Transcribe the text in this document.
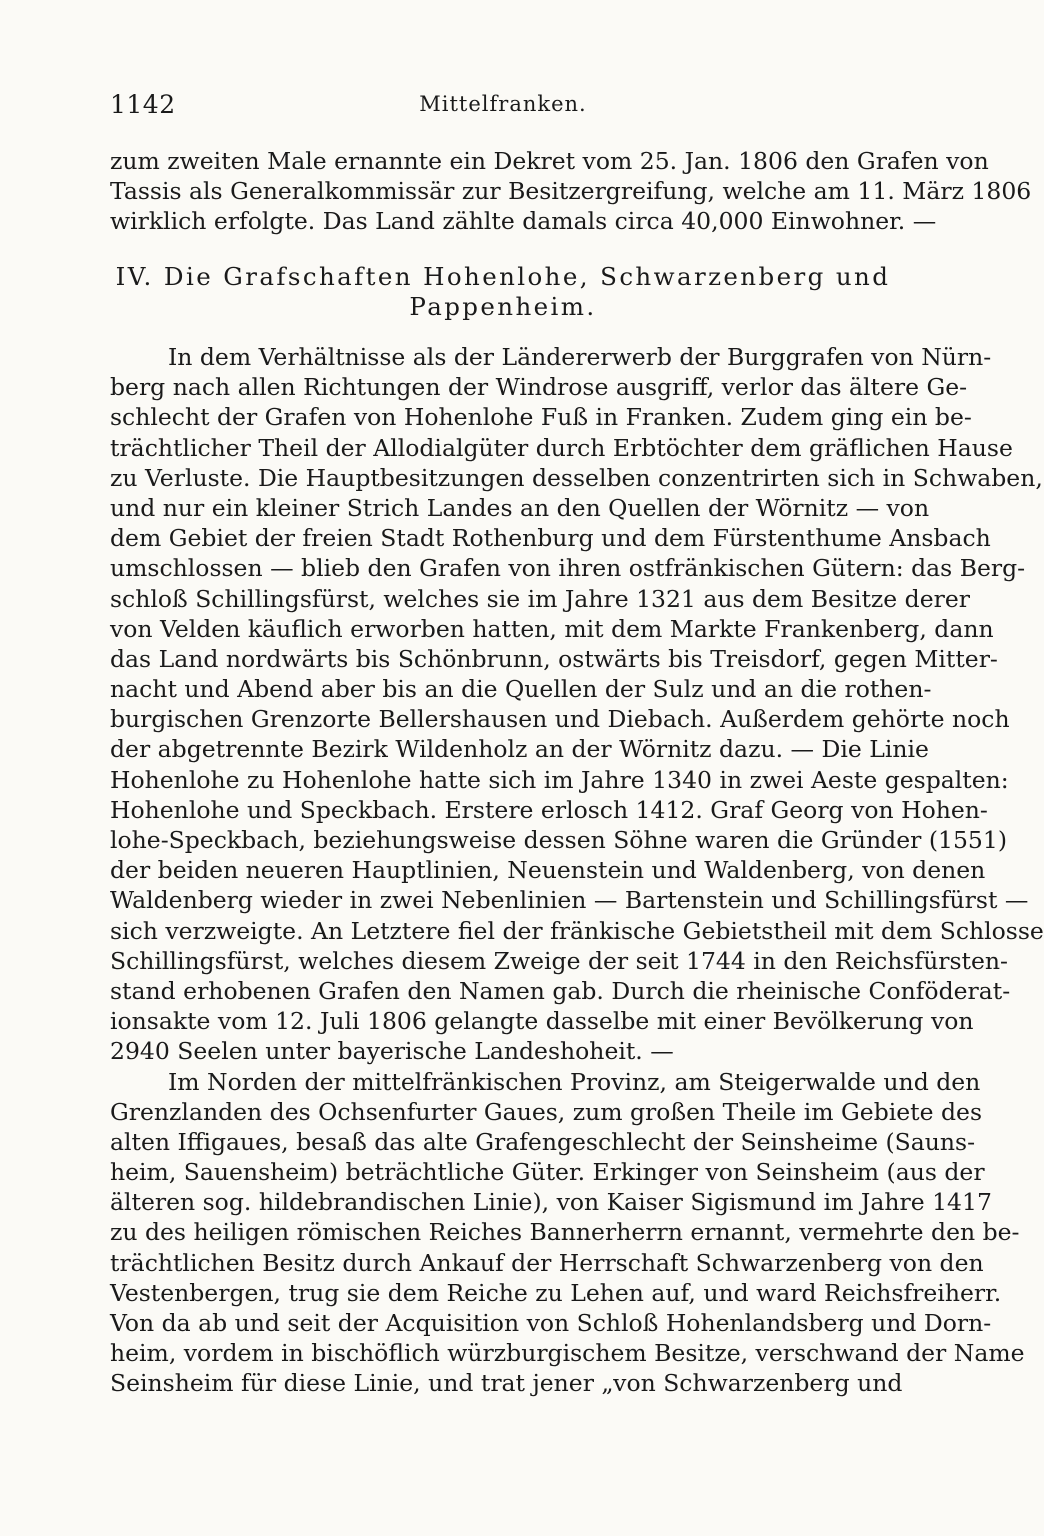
1142	Mittelfranken.
zum zweiten Male ernannte ein Dekret vom 25. Jan. 1806 den Grafen von
Tassis als Generalkommissär zur Besitzergreifung, welche am 11. März 1806
wirklich erfolgte. Das Land zählte damals circa 40,000 Einwohner. —
IV. Die Grafschaften Hohenlohe, Schwarzenberg und
Pappenheim.
In dem Verhältnisse als der Ländererwerb der Burggrafen von Nürn-
berg nach allen Richtungen der Windrose ausgriff, verlor das ältere Ge-
schlecht der Grafen von Hohenlohe Fuß in Franken. Zudem ging ein be-
trächtlicher Theil der Allodialgüter durch Erbtöchter dem gräflichen Hause
zu Verluste. Die Hauptbesitzungen desselben conzentrirten sich in Schwaben,
und nur ein kleiner Strich Landes an den Quellen der Wörnitz — von
dem Gebiet der freien Stadt Rothenburg und dem Fürstenthume Ansbach
umschlossen — blieb den Grafen von ihren ostfränkischen Gütern: das Berg-
schloß Schillingsfürst, welches sie im Jahre 1321 aus dem Besitze derer
von Velden käuflich erworben hatten, mit dem Markte Frankenberg, dann
das Land nordwärts bis Schönbrunn, ostwärts bis Treisdorf, gegen Mitter-
nacht und Abend aber bis an die Quellen der Sulz und an die rothen-
burgischen Grenzorte Bellershausen und Diebach. Außerdem gehörte noch
der abgetrennte Bezirk Wildenholz an der Wörnitz dazu. — Die Linie
Hohenlohe zu Hohenlohe hatte sich im Jahre 1340 in zwei Aeste gespalten:
Hohenlohe und Speckbach. Erstere erlosch 1412. Graf Georg von Hohen-
lohe-Speckbach, beziehungsweise dessen Söhne waren die Gründer (1551)
der beiden neueren Hauptlinien, Neuenstein und Waldenberg, von denen
Waldenberg wieder in zwei Nebenlinien — Bartenstein und Schillingsfürst —
sich verzweigte. An Letztere fiel der fränkische Gebietstheil mit dem Schlosse
Schillingsfürst, welches diesem Zweige der seit 1744 in den Reichsfürsten-
stand erhobenen Grafen den Namen gab. Durch die rheinische Conföderat-
ionsakte vom 12. Juli 1806 gelangte dasselbe mit einer Bevölkerung von
2940 Seelen unter bayerische Landeshoheit. —
Im Norden der mittelfränkischen Provinz, am Steigerwalde und den
Grenzlanden des Ochsenfurter Gaues, zum großen Theile im Gebiete des
alten Iffigaues, besaß das alte Grafengeschlecht der Seinsheime (Sauns-
heim, Sauensheim) beträchtliche Güter. Erkinger von Seinsheim (aus der
älteren sog. hildebrandischen Linie), von Kaiser Sigismund im Jahre 1417
zu des heiligen römischen Reiches Bannerherrn ernannt, vermehrte den be-
trächtlichen Besitz durch Ankauf der Herrschaft Schwarzenberg von den
Vestenbergen, trug sie dem Reiche zu Lehen auf, und ward Reichsfreiherr.
Von da ab und seit der Acquisition von Schloß Hohenlandsberg und Dorn-
heim, vordem in bischöflich würzburgischem Besitze, verschwand der Name
Seinsheim für diese Linie, und trat jener „von Schwarzenberg und
